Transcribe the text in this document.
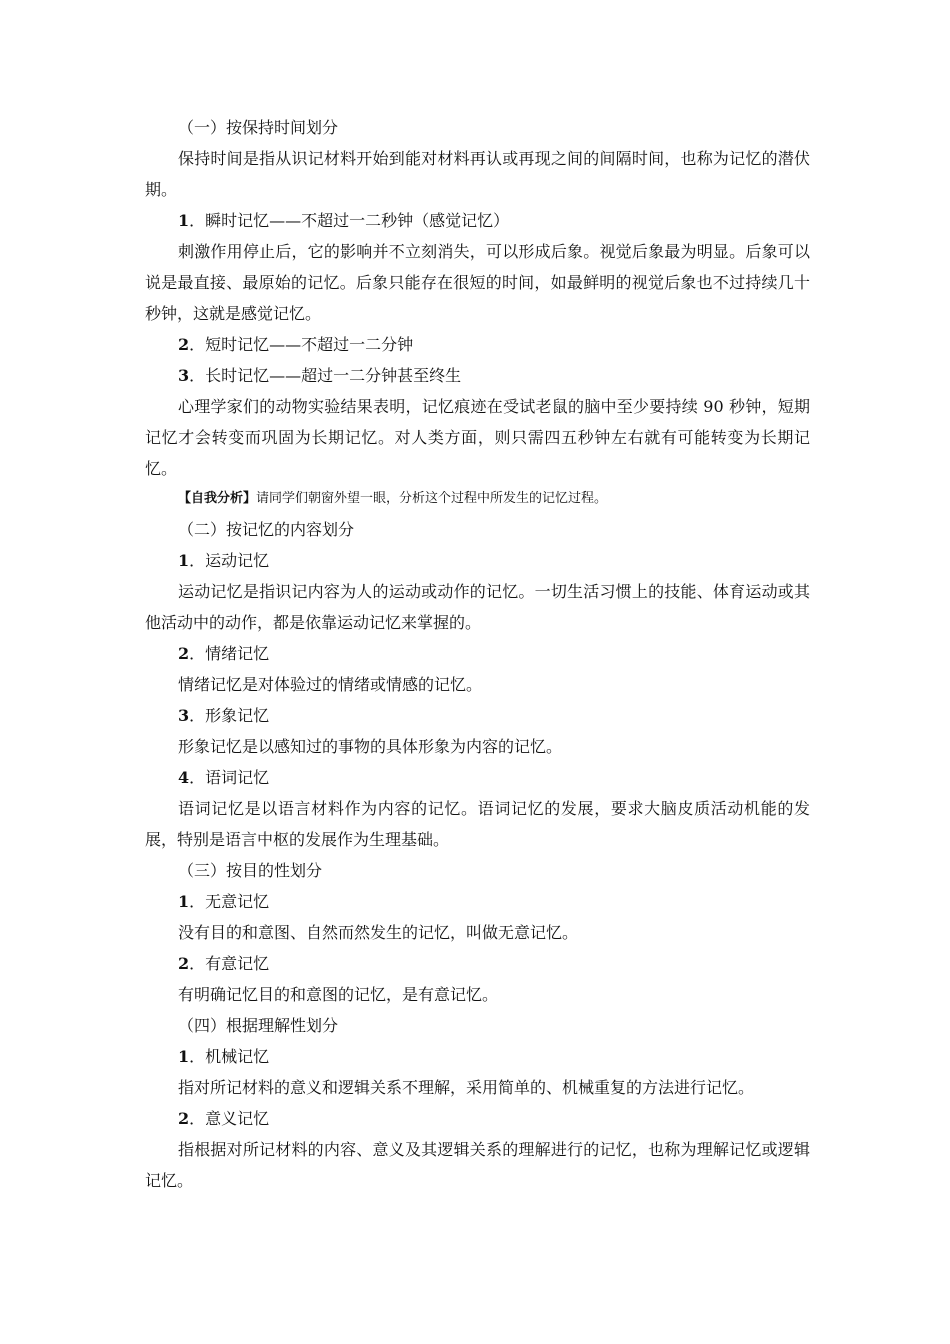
（一）按保持时间划分

保持时间是指从识记材料开始到能对材料再认或再现之间的间隔时间，也称为记忆的潜伏期。

1．瞬时记忆——不超过一二秒钟（感觉记忆）

刺激作用停止后，它的影响并不立刻消失，可以形成后象。视觉后象最为明显。后象可以说是最直接、最原始的记忆。后象只能存在很短的时间，如最鲜明的视觉后象也不过持续几十秒钟，这就是感觉记忆。

2．短时记忆——不超过一二分钟

3．长时记忆——超过一二分钟甚至终生

心理学家们的动物实验结果表明，记忆痕迹在受试老鼠的脑中至少要持续 90 秒钟，短期记忆才会转变而巩固为长期记忆。对人类方面，则只需四五秒钟左右就有可能转变为长期记忆。

【自我分析】请同学们朝窗外望一眼，分析这个过程中所发生的记忆过程。

（二）按记忆的内容划分

1．运动记忆

运动记忆是指识记内容为人的运动或动作的记忆。一切生活习惯上的技能、体育运动或其他活动中的动作，都是依靠运动记忆来掌握的。

2．情绪记忆

情绪记忆是对体验过的情绪或情感的记忆。

3．形象记忆

形象记忆是以感知过的事物的具体形象为内容的记忆。

4．语词记忆

语词记忆是以语言材料作为内容的记忆。语词记忆的发展，要求大脑皮质活动机能的发展，特别是语言中枢的发展作为生理基础。

（三）按目的性划分

1．无意记忆

没有目的和意图、自然而然发生的记忆，叫做无意记忆。

2．有意记忆

有明确记忆目的和意图的记忆，是有意记忆。

（四）根据理解性划分

1．机械记忆

指对所记材料的意义和逻辑关系不理解，采用简单的、机械重复的方法进行记忆。

2．意义记忆

指根据对所记材料的内容、意义及其逻辑关系的理解进行的记忆，也称为理解记忆或逻辑记忆。
